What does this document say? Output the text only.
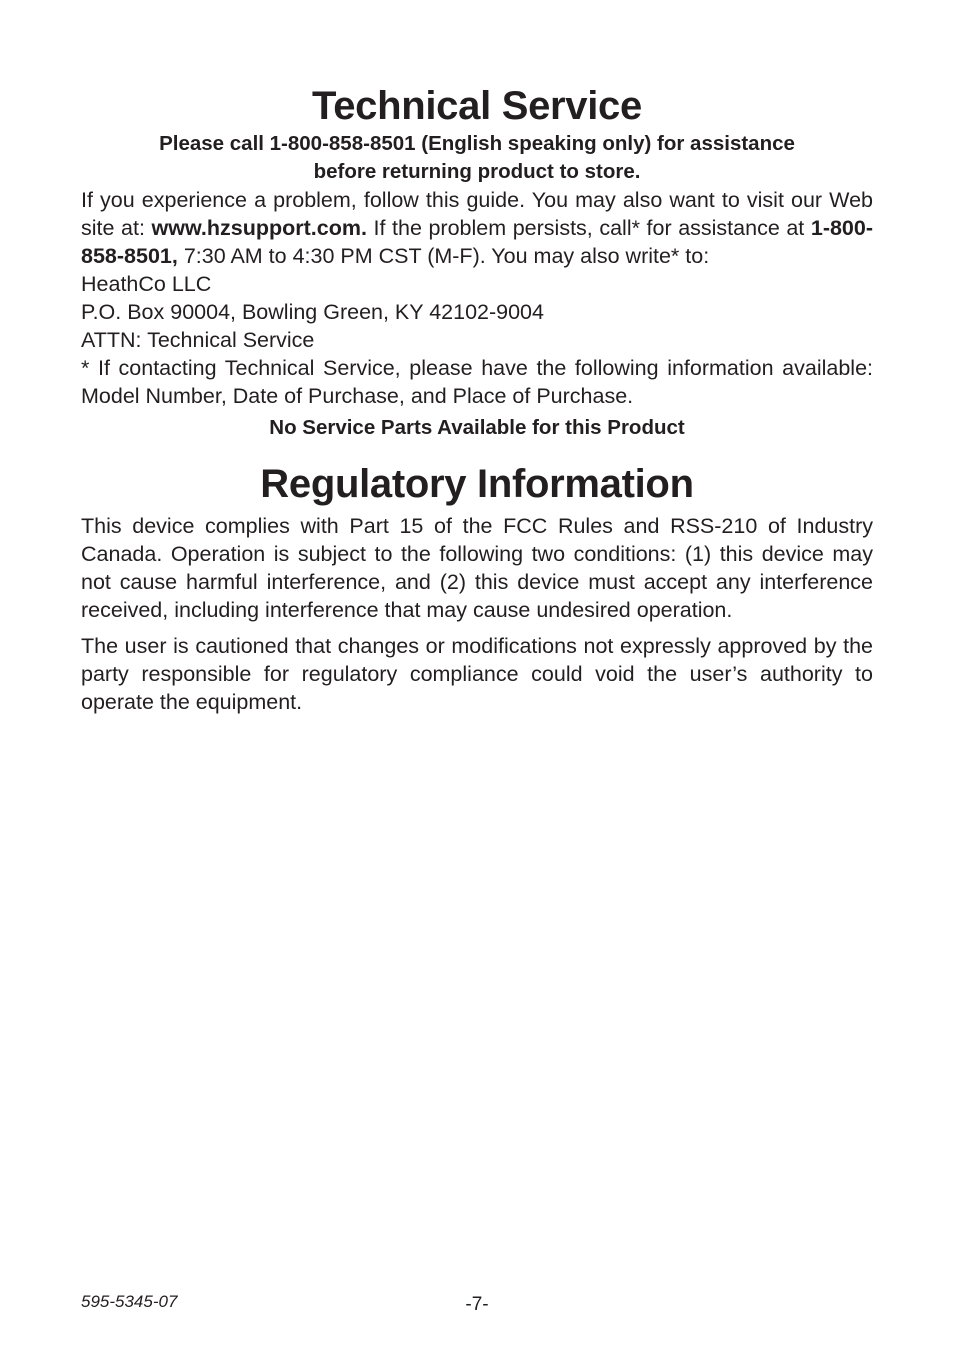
Technical Service

Please call 1-800-858-8501 (English speaking only) for assistance
before returning product to store.

If you experience a problem, follow this guide. You may also want to visit our Web site at: www.hzsupport.com. If the problem persists, call* for assistance at 1-800-858-8501, 7:30 AM to 4:30 PM CST (M-F). You may also write* to:

HeathCo LLC
P.O. Box 90004, Bowling Green, KY 42102-9004
ATTN: Technical Service

* If contacting Technical Service, please have the following information available: Model Number, Date of Purchase, and Place of Purchase.

No Service Parts Available for this Product

Regulatory Information

This device complies with Part 15 of the FCC Rules and RSS-210 of Industry Canada. Operation is subject to the following two conditions: (1) this device may not cause harmful interference, and (2) this device must accept any interference received, including interference that may cause undesired operation.

The user is cautioned that changes or modifications not expressly approved by the party responsible for regulatory compliance could void the user’s authority to operate the equipment.

595-5345-07	-7-
